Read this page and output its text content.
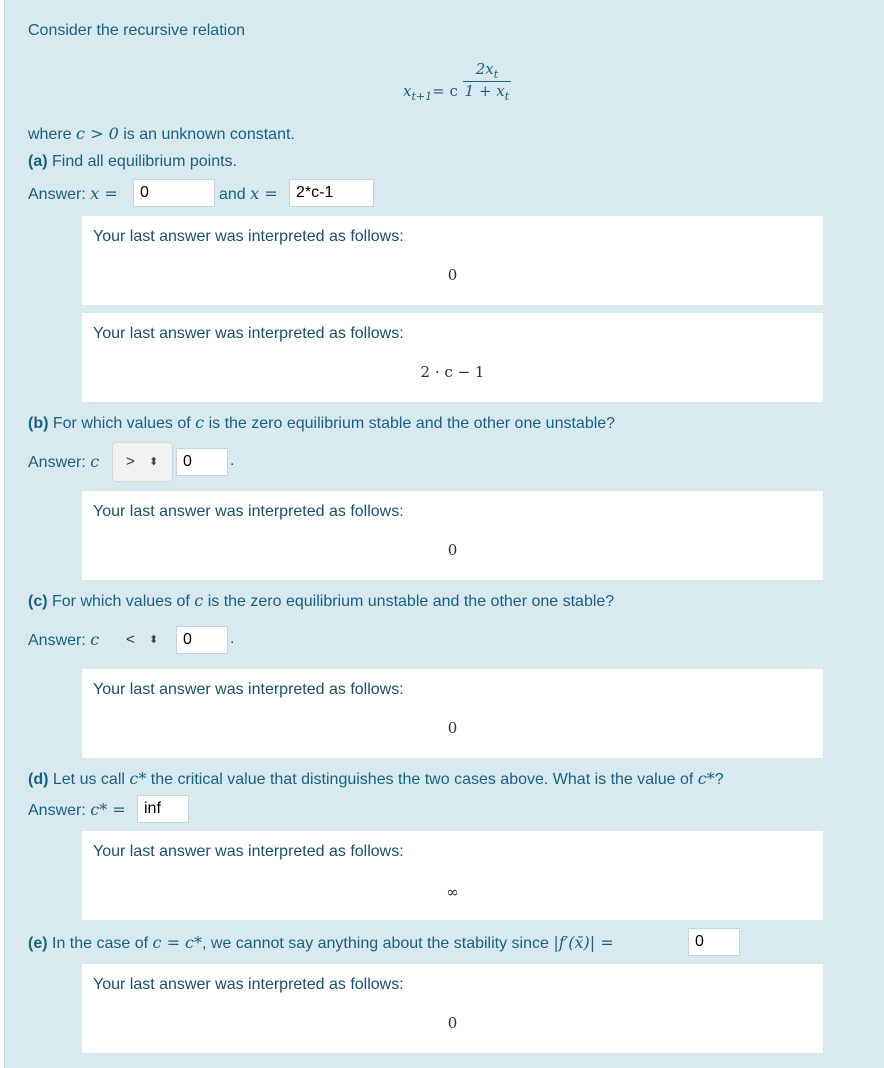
Consider the recursive relation
$x_{t+1}= c \frac{2x_t}{1 + x_t}$
where c > 0 is an unknown constant.
(a) Find all equilibrium points.
Answer: x =
0	and x =
2*c-1
Your last answer was interpreted as follows:
0
Your last answer was interpreted as follows:
2 · c − 1
(b) For which values of c is the zero equilibrium stable and the other one unstable?
Answer: c	> ⬍
0	.
Your last answer was interpreted as follows:
0
(c) For which values of c is the zero equilibrium unstable and the other one stable?
Answer: c	< ⬍
0	.
Your last answer was interpreted as follows:
0
(d) Let us call c* the critical value that distinguishes the two cases above. What is the value of c*?
Answer: c* =
inf
Your last answer was interpreted as follows:
∞
(e) In the case of c = c*, we cannot say anything about the stability since |f′(x̄)| =
0
Your last answer was interpreted as follows:
0
